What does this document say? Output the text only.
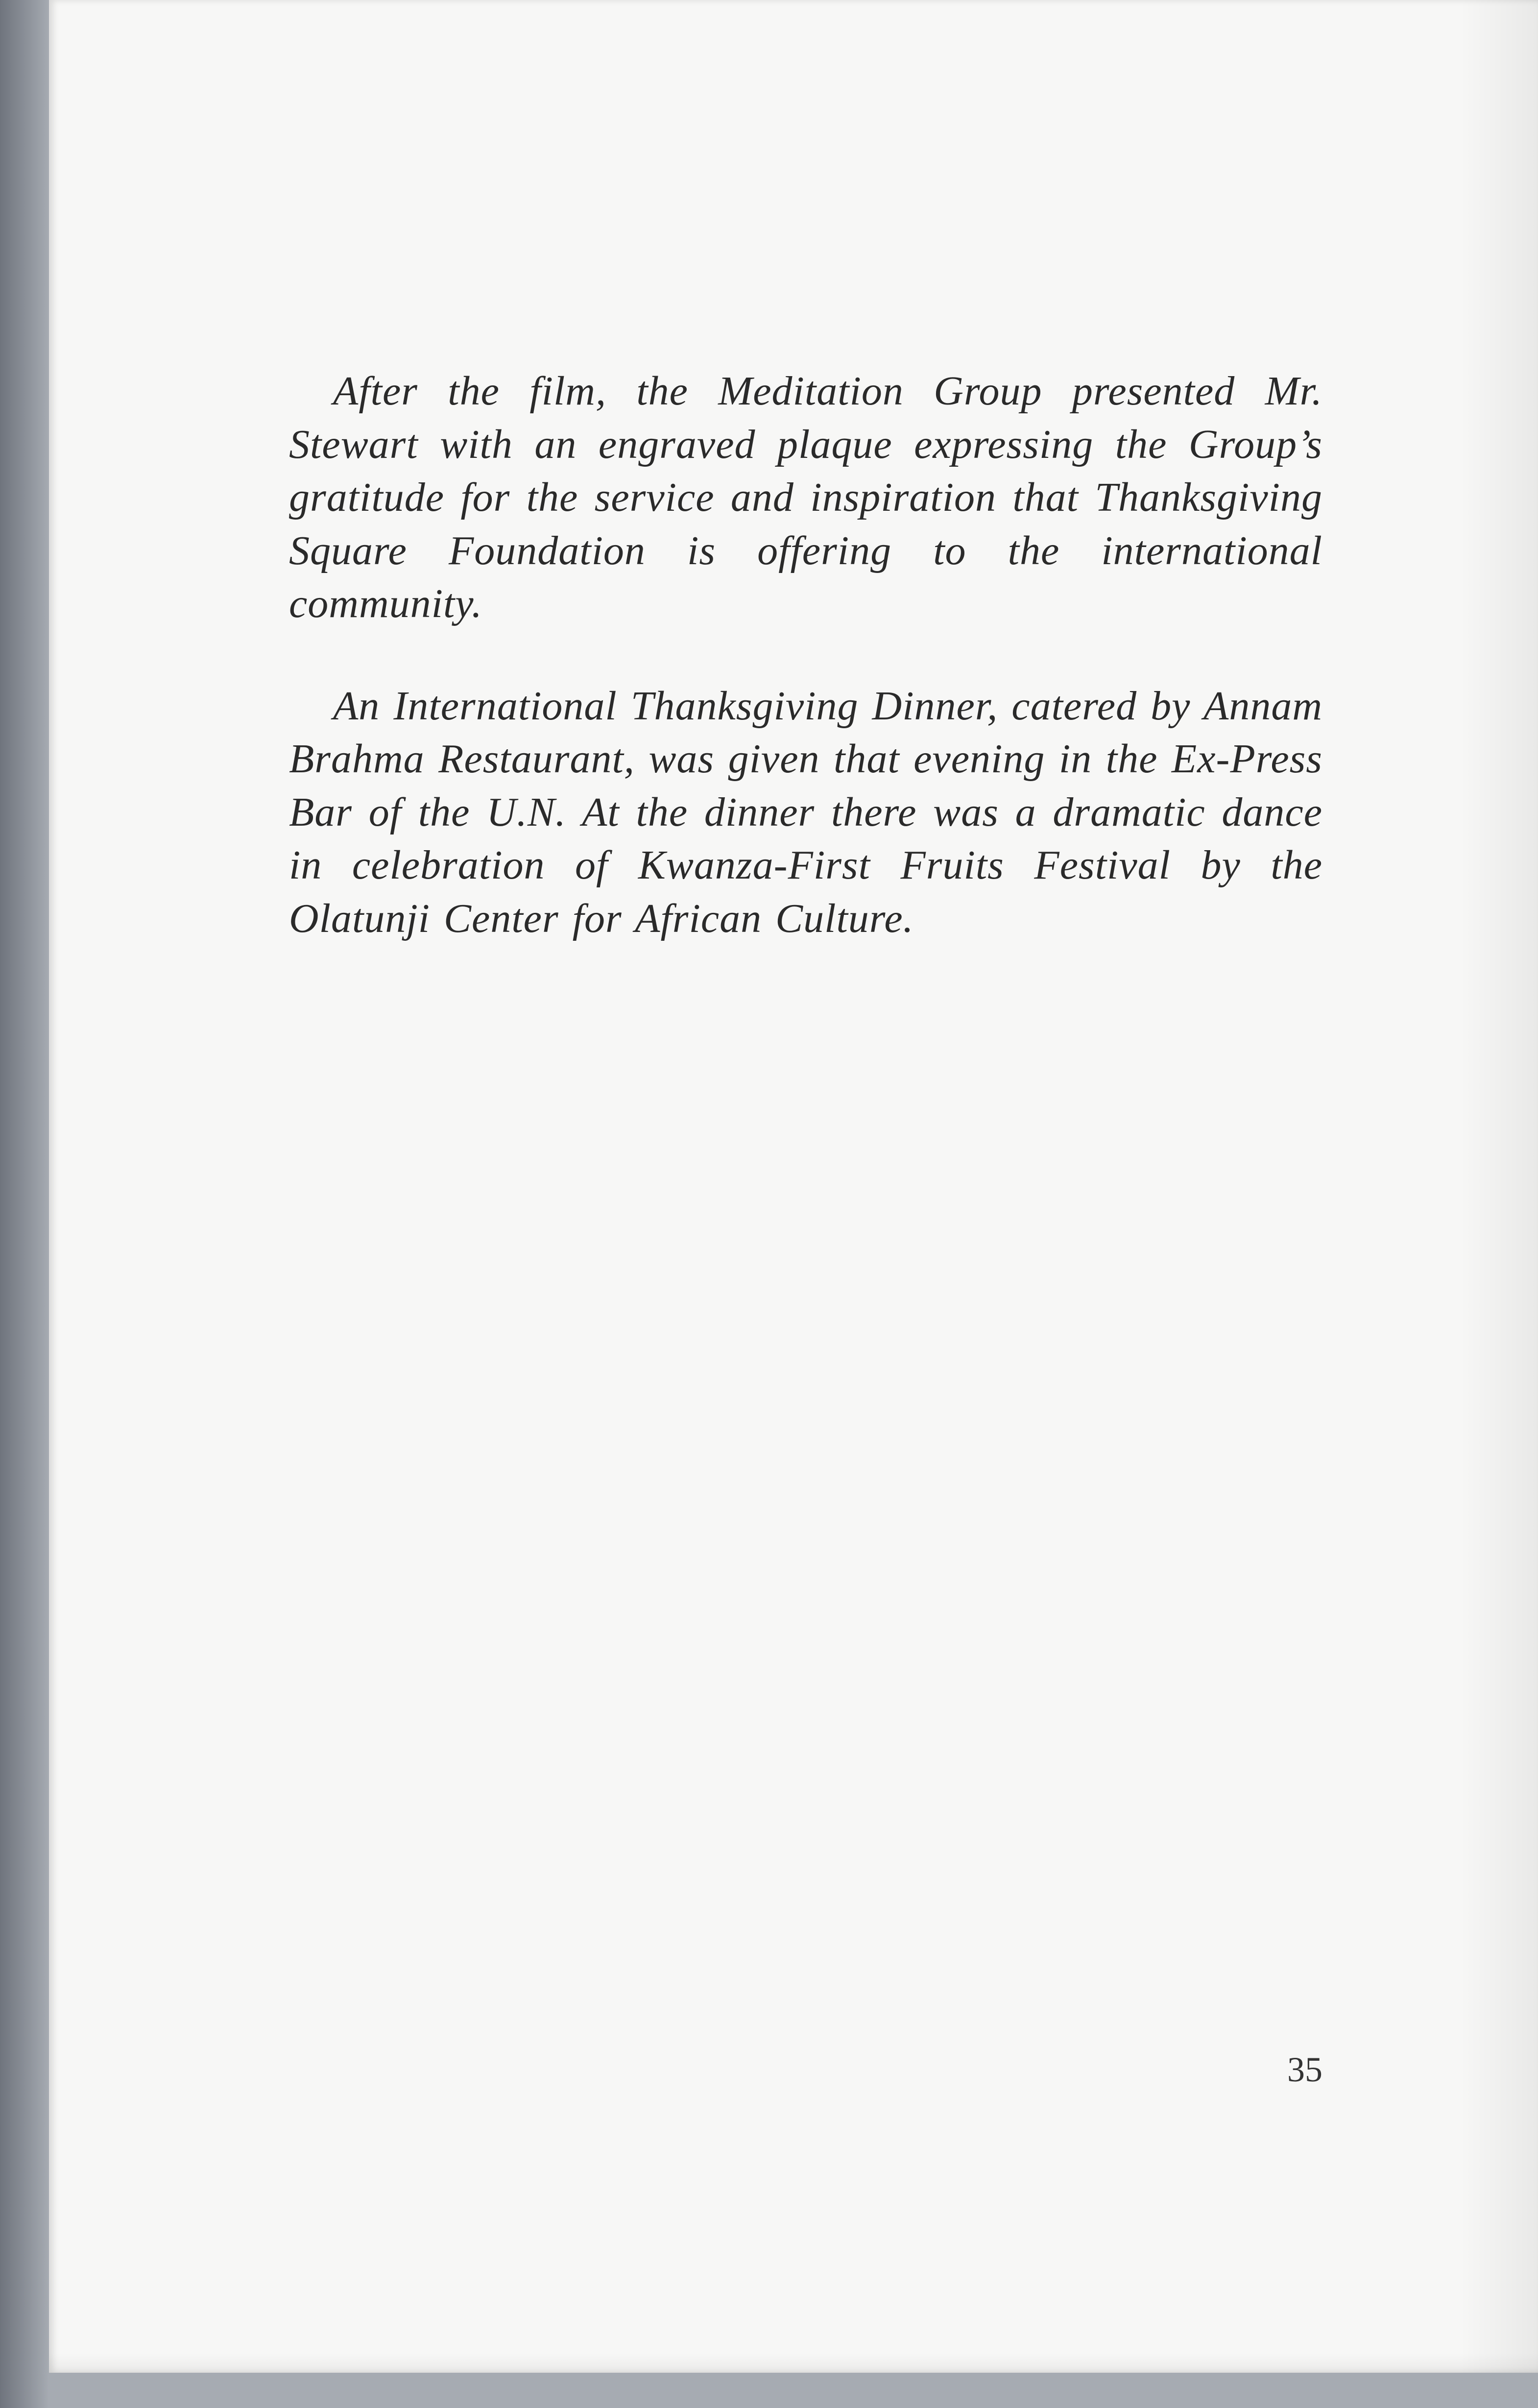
After the film, the Meditation Group presented Mr. Stewart with an engraved plaque expressing the Group’s gratitude for the service and inspiration that Thanksgiving Square Foundation is offering to the international community.

An International Thanksgiving Dinner, catered by Annam Brahma Restaurant, was given that evening in the Ex-Press Bar of the U.N. At the dinner there was a dramatic dance in celebration of Kwanza-First Fruits Festival by the Olatunji Center for African Culture.

35
